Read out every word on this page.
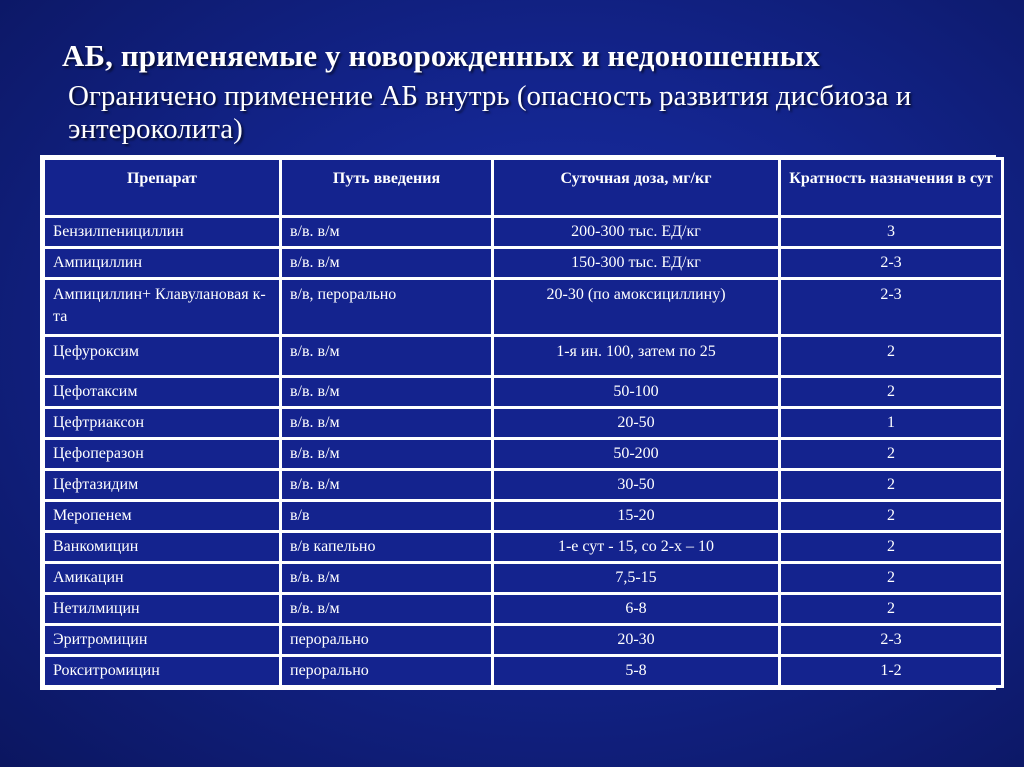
АБ, применяемые у новорожденных и недоношенных
Ограничено применение АБ внутрь (опасность развития дисбиоза и энтероколита)
Препарат	Путь введения	Суточная доза, мг/кг	Кратность назначения в сут
Бензилпенициллин	в/в. в/м	200-300 тыс. ЕД/кг	3
Ампициллин	в/в. в/м	150-300 тыс. ЕД/кг	2-3
Ампициллин+ Клавулановая к-та	в/в, перорально	20-30 (по амоксициллину)	2-3
Цефуроксим	в/в. в/м	1-я ин. 100, затем по 25	2
Цефотаксим	в/в. в/м	50-100	2
Цефтриаксон	в/в. в/м	20-50	1
Цефоперазон	в/в. в/м	50-200	2
Цефтазидим	в/в. в/м	30-50	2
Меропенем	в/в	15-20	2
Ванкомицин	в/в капельно	1-е сут - 15, со 2-х – 10	2
Амикацин	в/в. в/м	7,5-15	2
Нетилмицин	в/в. в/м	6-8	2
Эритромицин	перорально	20-30	2-3
Рокситромицин	перорально	5-8	1-2
